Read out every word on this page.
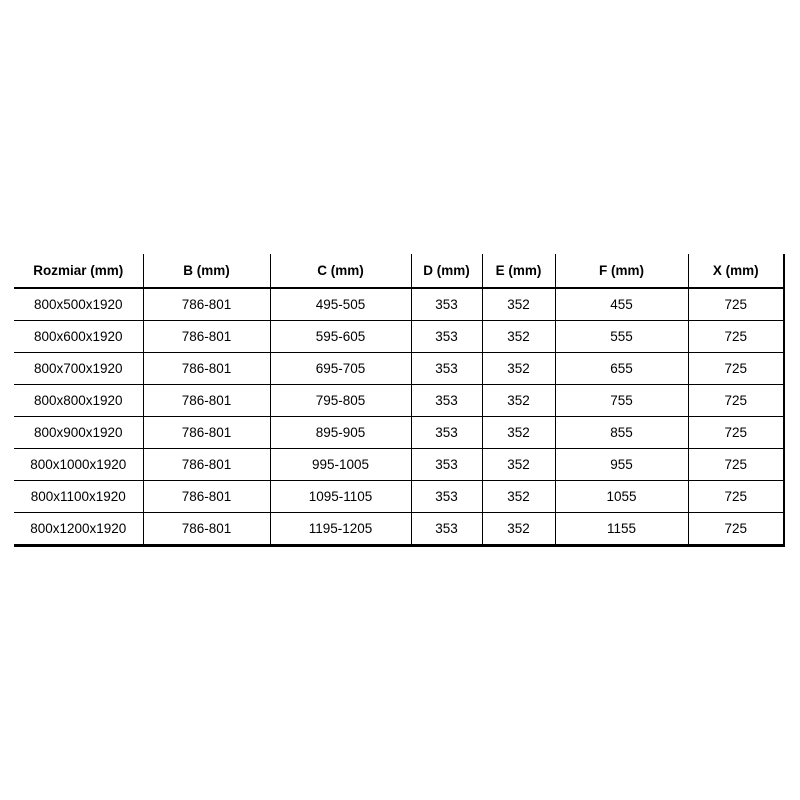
Rozmiar (mm)	B (mm)	C (mm)	D (mm)	E (mm)	F (mm)	X (mm)
800x500x1920	786-801	495-505	353	352	455	725
800x600x1920	786-801	595-605	353	352	555	725
800x700x1920	786-801	695-705	353	352	655	725
800x800x1920	786-801	795-805	353	352	755	725
800x900x1920	786-801	895-905	353	352	855	725
800x1000x1920	786-801	995-1005	353	352	955	725
800x1100x1920	786-801	1095-1105	353	352	1055	725
800x1200x1920	786-801	1195-1205	353	352	1155	725
